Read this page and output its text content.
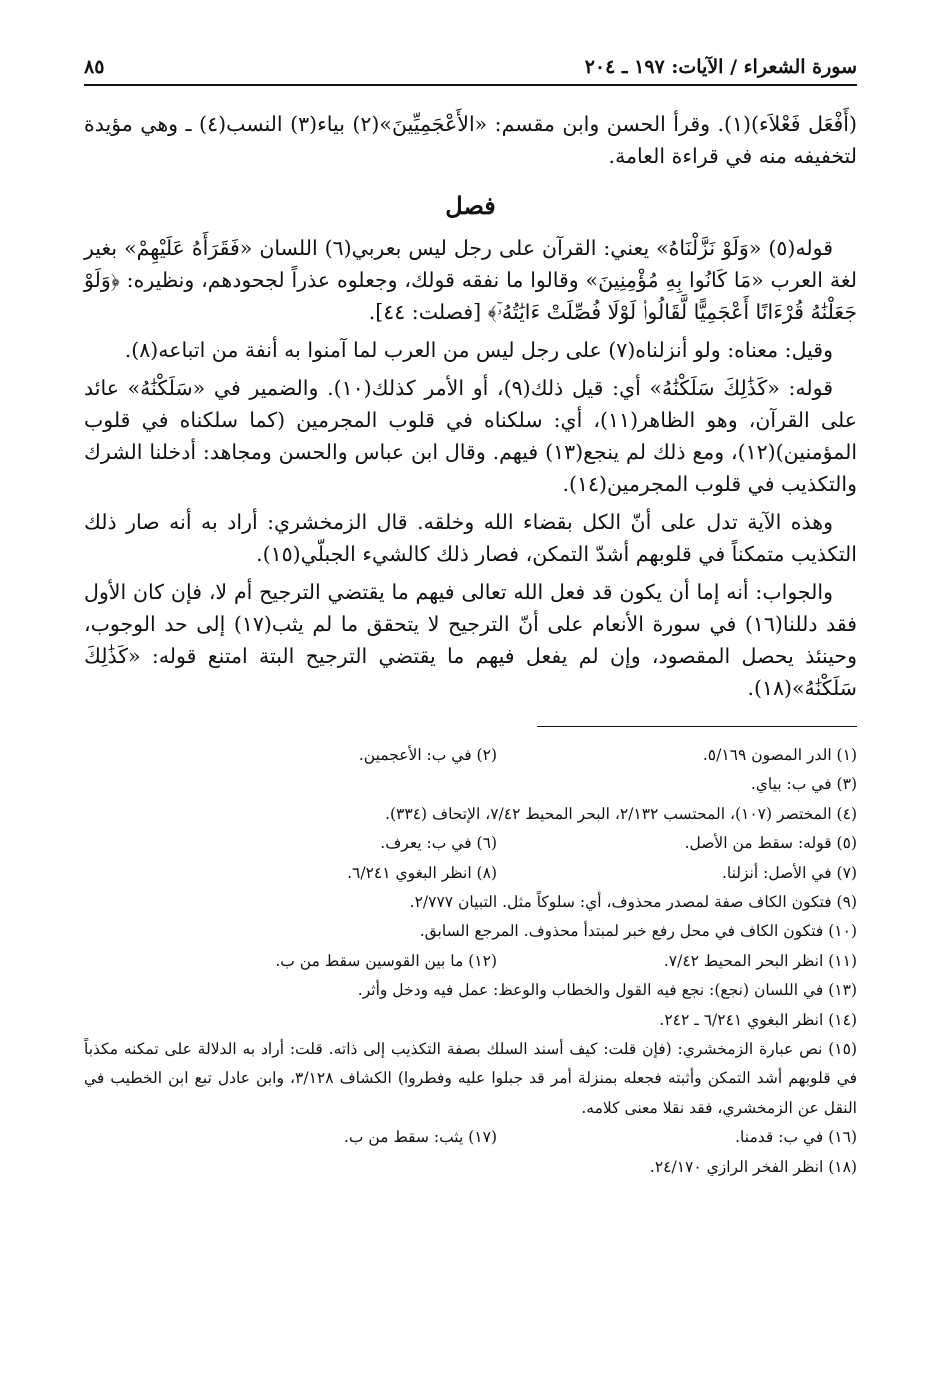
سورة الشعراء / الآيات: ١٩٧ ـ ٢٠٤
٨٥

(أَفْعَل فَعْلاَء)(١). وقرأ الحسن وابن مقسم: «الأَعْجَمِيِّينَ»(٢) بياء(٣) النسب(٤) ـ وهي مؤيدة لتخفيفه منه في قراءة العامة.

فصل

قوله(٥) «وَلَوْ نَزَّلْنَاهُ» يعني: القرآن على رجل ليس بعربي(٦) اللسان «فَقَرَأَهُ عَلَيْهِمْ» بغير لغة العرب «مَا كَانُوا بِهِ مُؤْمِنِينَ» وقالوا ما نفقه قولك، وجعلوه عذراً لجحودهم، ونظيره: ﴿وَلَوْ جَعَلْنَٰهُ قُرْءَانًا أَعْجَمِيًّا لَّقَالُوا۟ لَوْلَا فُصِّلَتْ ءَايَٰتُهُۥٓ﴾ [فصلت: ٤٤].

وقيل: معناه: ولو أنزلناه(٧) على رجل ليس من العرب لما آمنوا به أنفة من اتباعه(٨).

قوله: «كَذَٰلِكَ سَلَكْنَٰهُ» أي: قيل ذلك(٩)، أو الأمر كذلك(١٠). والضمير في «سَلَكْنَٰهُ» عائد على القرآن، وهو الظاهر(١١)، أي: سلكناه في قلوب المجرمين (كما سلكناه في قلوب المؤمنين)(١٢)، ومع ذلك لم ينجع(١٣) فيهم. وقال ابن عباس والحسن ومجاهد: أدخلنا الشرك والتكذيب في قلوب المجرمين(١٤).

وهذه الآية تدل على أنّ الكل بقضاء الله وخلقه. قال الزمخشري: أراد به أنه صار ذلك التكذيب متمكناً في قلوبهم أشدّ التمكن، فصار ذلك كالشيء الجبلّي(١٥).

والجواب: أنه إما أن يكون قد فعل الله تعالى فيهم ما يقتضي الترجيح أم لا، فإن كان الأول فقد دللنا(١٦) في سورة الأنعام على أنّ الترجيح لا يتحقق ما لم يثب(١٧) إلى حد الوجوب، وحينئذ يحصل المقصود، وإن لم يفعل فيهم ما يقتضي الترجيح البتة امتنع قوله: «كَذَٰلِكَ سَلَكْنَٰهُ»(١٨).

(١) الدر المصون ٥/١٦٩.
(٢) في ب: الأعجمين.
(٣) في ب: بياي.
(٤) المختصر (١٠٧)، المحتسب ٢/١٣٢، البحر المحيط ٧/٤٢، الإتحاف (٣٣٤).
(٥) قوله: سقط من الأصل.
(٦) في ب: يعرف.
(٧) في الأصل: أنزلنا.
(٨) انظر البغوي ٦/٢٤١.
(٩) فتكون الكاف صفة لمصدر محذوف، أي: سلوكاً مثل. التبيان ٢/٧٧٧.
(١٠) فتكون الكاف في محل رفع خبر لمبتدأ محذوف. المرجع السابق.
(١١) انظر البحر المحيط ٧/٤٢.
(١٢) ما بين القوسين سقط من ب.
(١٣) في اللسان (نجع): نجع فيه القول والخطاب والوعظ: عمل فيه ودخل وأثر.
(١٤) انظر البغوي ٦/٢٤١ ـ ٢٤٢.
(١٥) نص عبارة الزمخشري: (فإن قلت: كيف أسند السلك بصفة التكذيب إلى ذاته. قلت: أراد به الدلالة على تمكنه مكذباً في قلوبهم أشد التمكن وأثبته فجعله بمنزلة أمر قد جبلوا عليه وفطروا) الكشاف ٣/١٢٨، وابن عادل تبع ابن الخطيب في النقل عن الزمخشري، فقد نقلا معنى كلامه.
(١٦) في ب: قدمنا.
(١٧) يثب: سقط من ب.
(١٨) انظر الفخر الرازي ٢٤/١٧٠.
